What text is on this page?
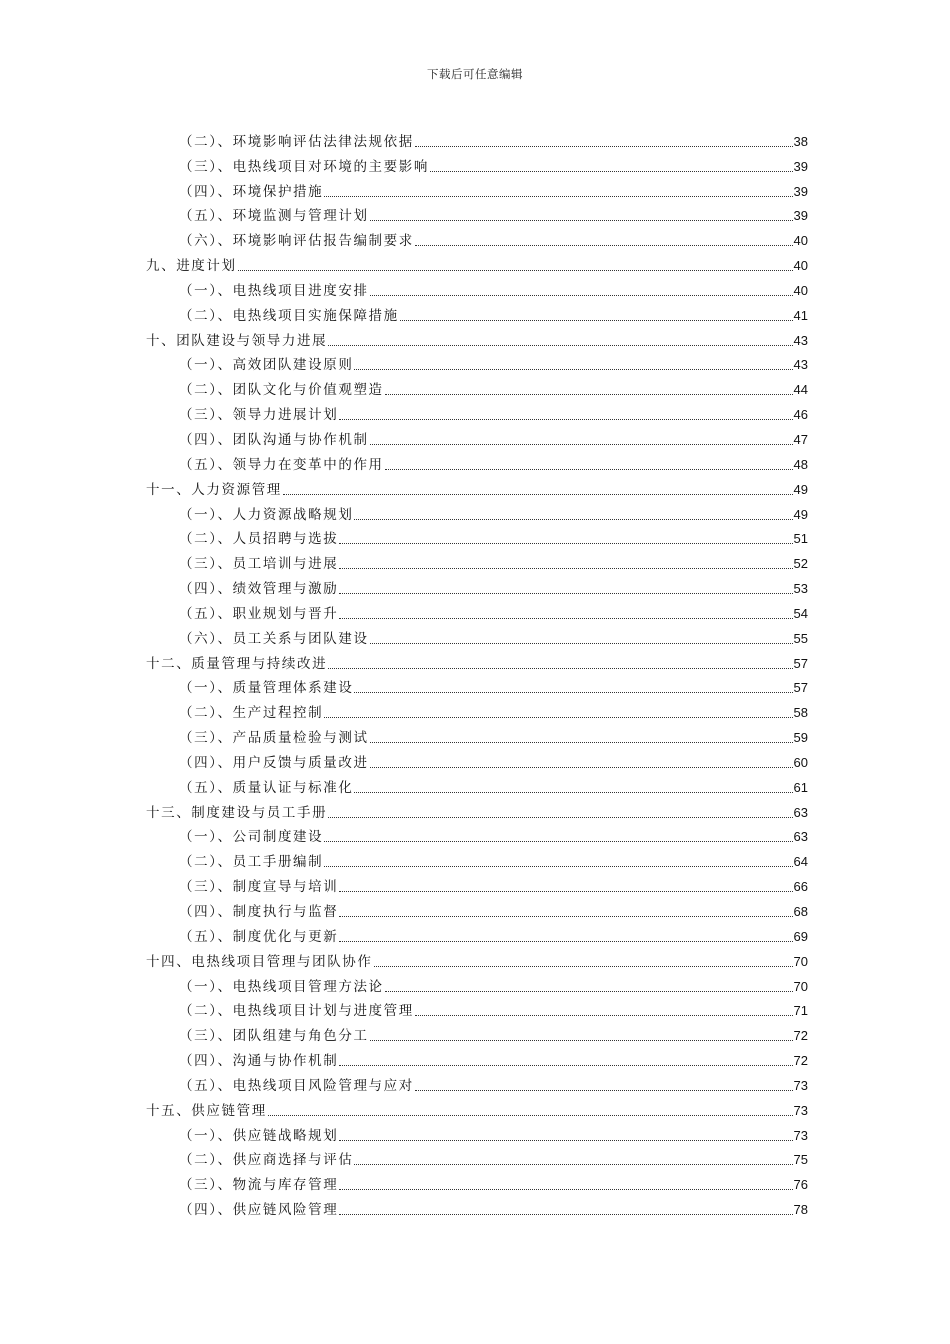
下载后可任意编辑
（二）、环境影响评估法律法规依据	38
（三）、电热线项目对环境的主要影响	39
（四）、环境保护措施	39
（五）、环境监测与管理计划	39
（六）、环境影响评估报告编制要求	40
九、进度计划	40
（一）、电热线项目进度安排	40
（二）、电热线项目实施保障措施	41
十、团队建设与领导力进展	43
（一）、高效团队建设原则	43
（二）、团队文化与价值观塑造	44
（三）、领导力进展计划	46
（四）、团队沟通与协作机制	47
（五）、领导力在变革中的作用	48
十一、人力资源管理	49
（一）、人力资源战略规划	49
（二）、人员招聘与选拔	51
（三）、员工培训与进展	52
（四）、绩效管理与激励	53
（五）、职业规划与晋升	54
（六）、员工关系与团队建设	55
十二、质量管理与持续改进	57
（一）、质量管理体系建设	57
（二）、生产过程控制	58
（三）、产品质量检验与测试	59
（四）、用户反馈与质量改进	60
（五）、质量认证与标准化	61
十三、制度建设与员工手册	63
（一）、公司制度建设	63
（二）、员工手册编制	64
（三）、制度宣导与培训	66
（四）、制度执行与监督	68
（五）、制度优化与更新	69
十四、电热线项目管理与团队协作	70
（一）、电热线项目管理方法论	70
（二）、电热线项目计划与进度管理	71
（三）、团队组建与角色分工	72
（四）、沟通与协作机制	72
（五）、电热线项目风险管理与应对	73
十五、供应链管理	73
（一）、供应链战略规划	73
（二）、供应商选择与评估	75
（三）、物流与库存管理	76
（四）、供应链风险管理	78
